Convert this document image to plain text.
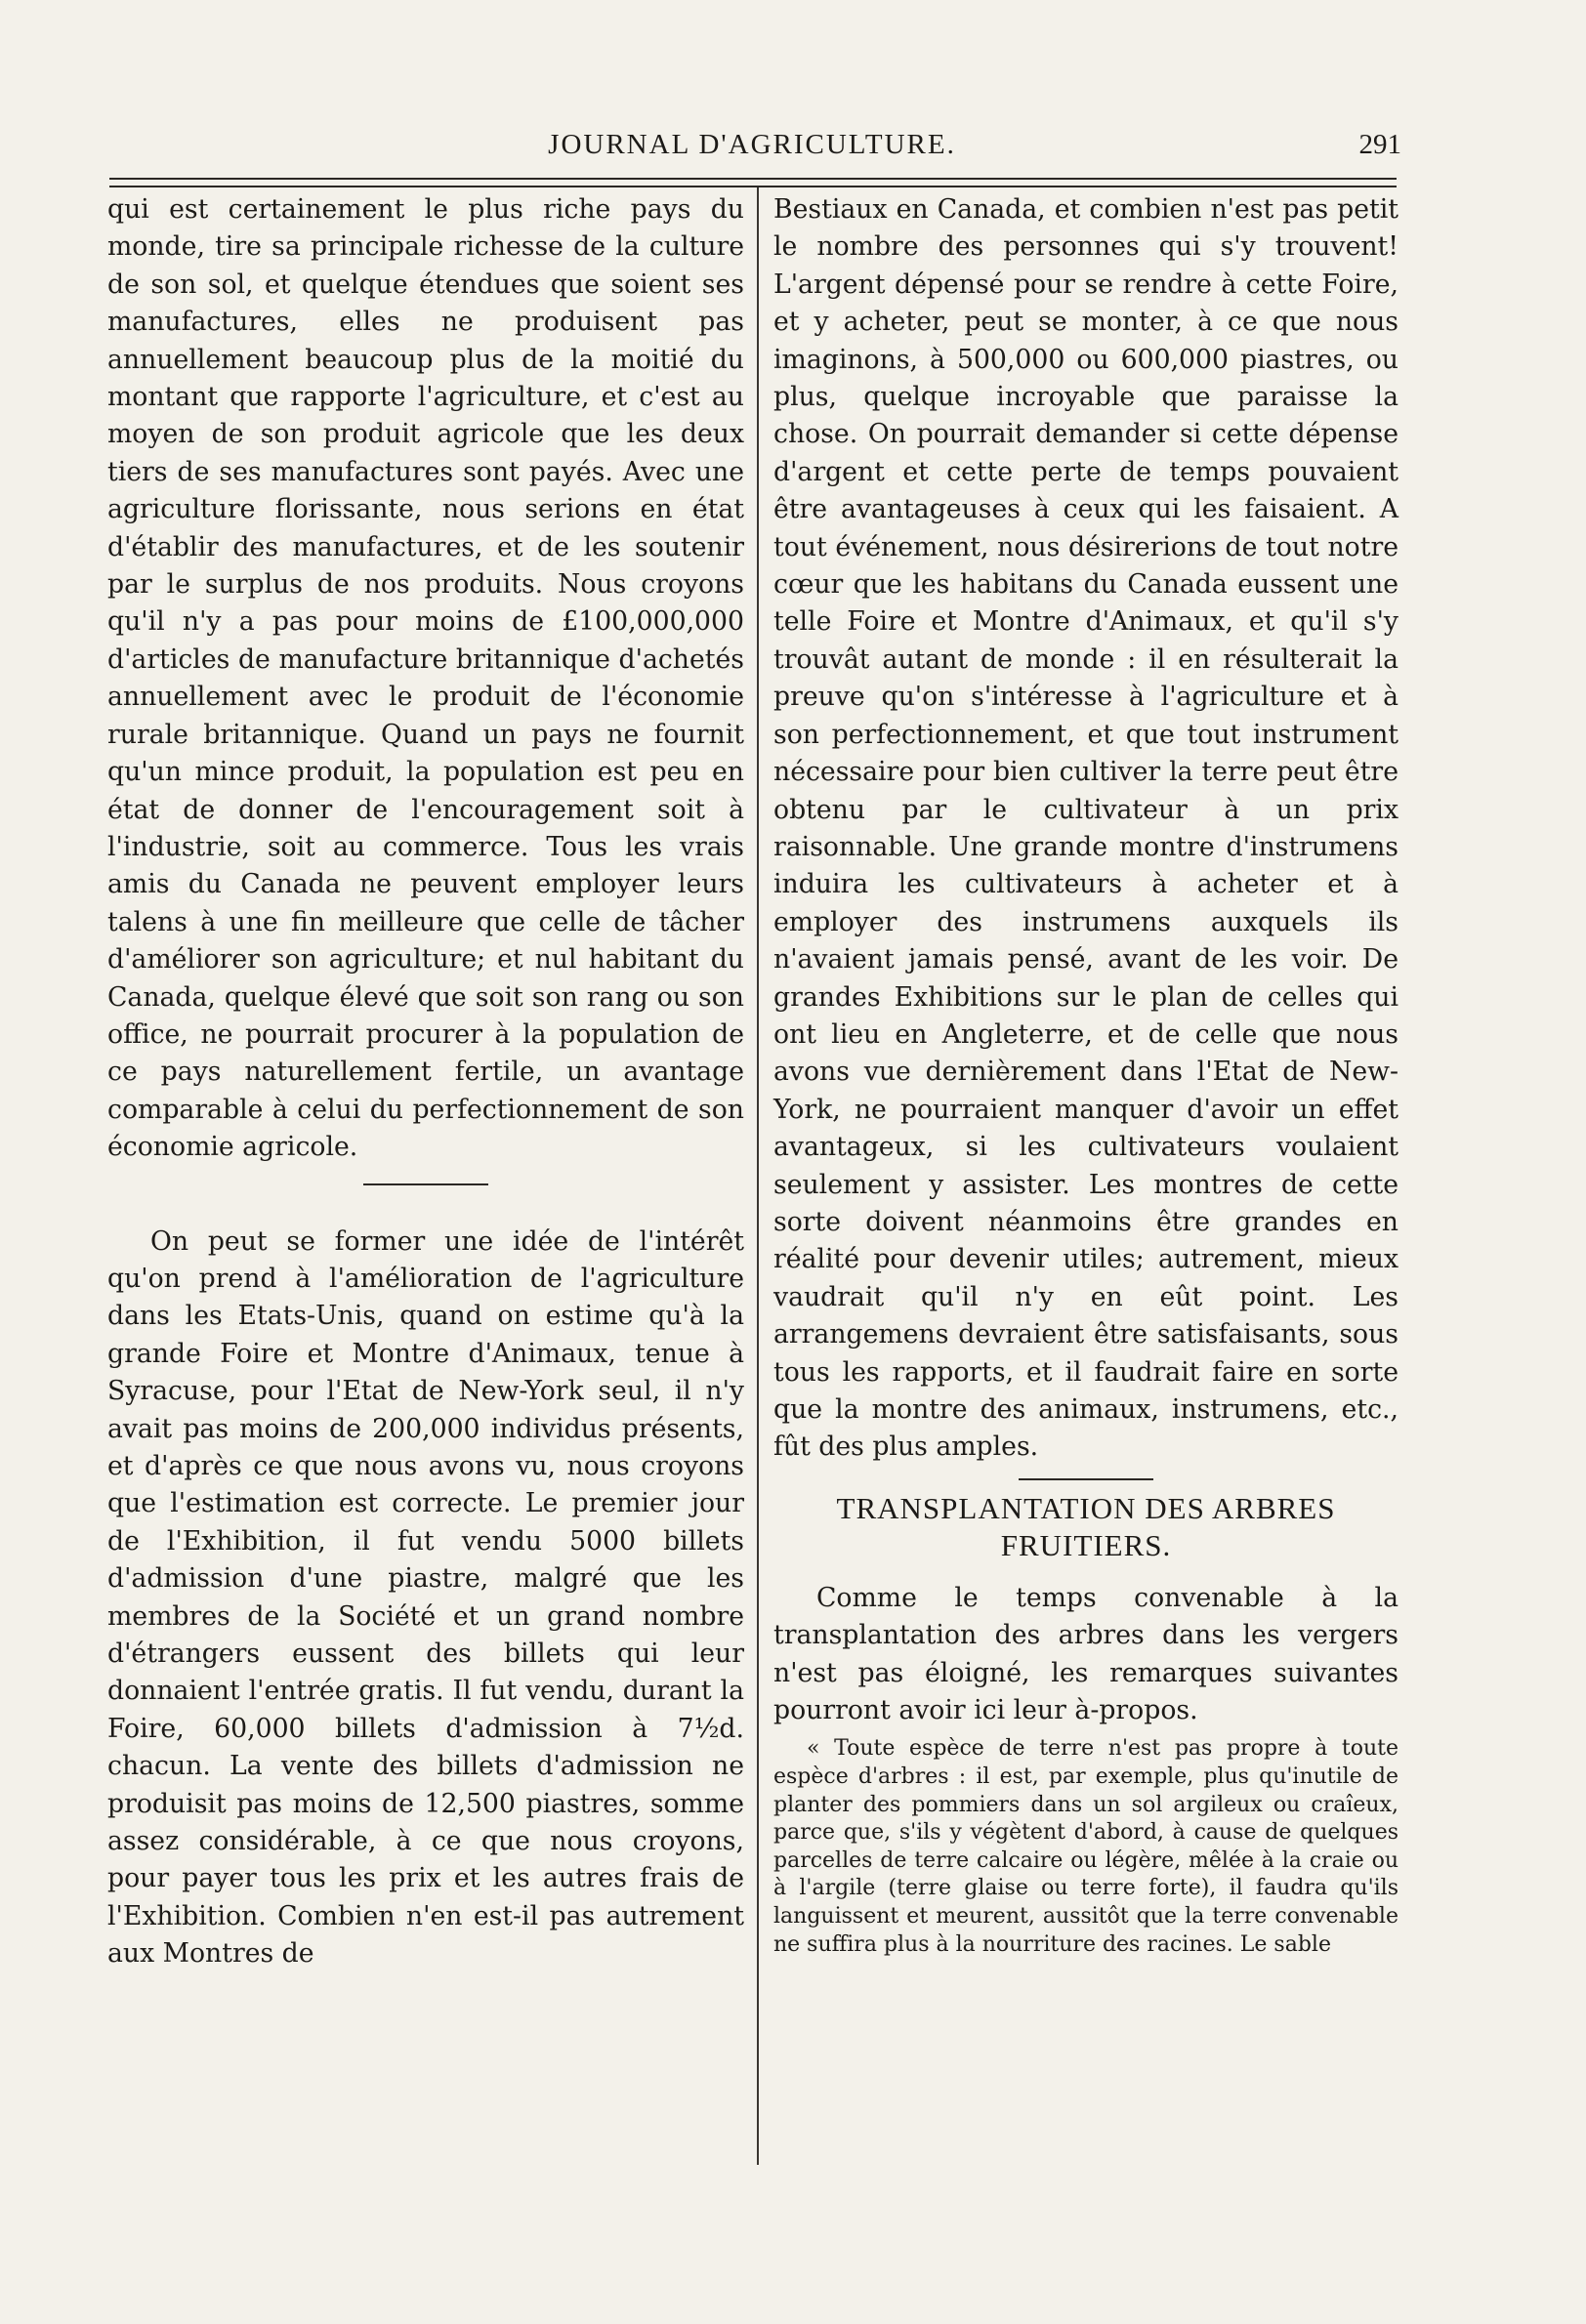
JOURNAL D'AGRICULTURE.	291

qui est certainement le plus riche pays du monde, tire sa principale richesse de la culture de son sol, et quelque étendues que soient ses manufactures, elles ne produisent pas annuellement beaucoup plus de la moitié du montant que rapporte l'agriculture, et c'est au moyen de son produit agricole que les deux tiers de ses manufactures sont payés. Avec une agriculture florissante, nous serions en état d'établir des manufactures, et de les soutenir par le surplus de nos produits. Nous croyons qu'il n'y a pas pour moins de £100,000,000 d'articles de manufacture britannique d'achetés annuellement avec le produit de l'économie rurale britannique. Quand un pays ne fournit qu'un mince produit, la population est peu en état de donner de l'encouragement soit à l'industrie, soit au commerce. Tous les vrais amis du Canada ne peuvent employer leurs talens à une fin meilleure que celle de tâcher d'améliorer son agriculture; et nul habitant du Canada, quelque élevé que soit son rang ou son office, ne pourrait procurer à la population de ce pays naturellement fertile, un avantage comparable à celui du perfectionnement de son économie agricole.

On peut se former une idée de l'intérêt qu'on prend à l'amélioration de l'agriculture dans les Etats-Unis, quand on estime qu'à la grande Foire et Montre d'Animaux, tenue à Syracuse, pour l'Etat de New-York seul, il n'y avait pas moins de 200,000 individus présents, et d'après ce que nous avons vu, nous croyons que l'estimation est correcte. Le premier jour de l'Exhibition, il fut vendu 5000 billets d'admission d'une piastre, malgré que les membres de la Société et un grand nombre d'étrangers eussent des billets qui leur donnaient l'entrée gratis. Il fut vendu, durant la Foire, 60,000 billets d'admission à 7½d. chacun. La vente des billets d'admission ne produisit pas moins de 12,500 piastres, somme assez considérable, à ce que nous croyons, pour payer tous les prix et les autres frais de l'Exhibition. Combien n'en est-il pas autrement aux Montres de

Bestiaux en Canada, et combien n'est pas petit le nombre des personnes qui s'y trouvent! L'argent dépensé pour se rendre à cette Foire, et y acheter, peut se monter, à ce que nous imaginons, à 500,000 ou 600,000 piastres, ou plus, quelque incroyable que paraisse la chose. On pourrait demander si cette dépense d'argent et cette perte de temps pouvaient être avantageuses à ceux qui les faisaient. A tout événement, nous désirerions de tout notre cœur que les habitans du Canada eussent une telle Foire et Montre d'Animaux, et qu'il s'y trouvât autant de monde : il en résulterait la preuve qu'on s'intéresse à l'agriculture et à son perfectionnement, et que tout instrument nécessaire pour bien cultiver la terre peut être obtenu par le cultivateur à un prix raisonnable. Une grande montre d'instrumens induira les cultivateurs à acheter et à employer des instrumens auxquels ils n'avaient jamais pensé, avant de les voir. De grandes Exhibitions sur le plan de celles qui ont lieu en Angleterre, et de celle que nous avons vue dernièrement dans l'Etat de New-York, ne pourraient manquer d'avoir un effet avantageux, si les cultivateurs voulaient seulement y assister. Les montres de cette sorte doivent néanmoins être grandes en réalité pour devenir utiles; autrement, mieux vaudrait qu'il n'y en eût point. Les arrangemens devraient être satisfaisants, sous tous les rapports, et il faudrait faire en sorte que la montre des animaux, instrumens, etc., fût des plus amples.

TRANSPLANTATION DES ARBRES FRUITIERS.

Comme le temps convenable à la transplantation des arbres dans les vergers n'est pas éloigné, les remarques suivantes pourront avoir ici leur à-propos.

« Toute espèce de terre n'est pas propre à toute espèce d'arbres : il est, par exemple, plus qu'inutile de planter des pommiers dans un sol argileux ou craîeux, parce que, s'ils y végètent d'abord, à cause de quelques parcelles de terre calcaire ou légère, mêlée à la craie ou à l'argile (terre glaise ou terre forte), il faudra qu'ils languissent et meurent, aussitôt que la terre convenable ne suffira plus à la nourriture des racines. Le sable
